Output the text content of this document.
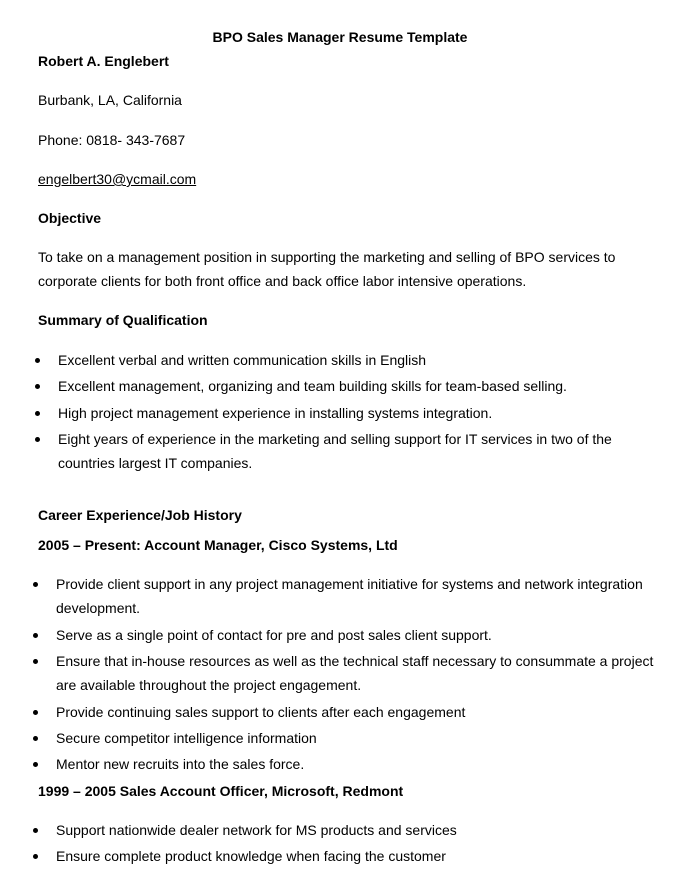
BPO Sales Manager Resume Template
Robert A. Englebert
Burbank, LA, California
Phone: 0818- 343-7687
engelbert30@ycmail.com
Objective
To take on a management position in supporting the marketing and selling of BPO services to
corporate clients for both front office and back office labor intensive operations.
Summary of Qualification
Excellent verbal and written communication skills in English
Excellent management, organizing and team building skills for team-based selling.
High project management experience in installing systems integration.
Eight years of experience in the marketing and selling support for IT services in two of the
countries largest IT companies.
Career Experience/Job History
2005 – Present: Account Manager, Cisco Systems, Ltd
Provide client support in any project management initiative for systems and network integration
development.
Serve as a single point of contact for pre and post sales client support.
Ensure that in-house resources as well as the technical staff necessary to consummate a project
are available throughout the project engagement.
Provide continuing sales support to clients after each engagement
Secure competitor intelligence information
Mentor new recruits into the sales force.
1999 – 2005 Sales Account Officer, Microsoft, Redmont
Support nationwide dealer network for MS products and services
Ensure complete product knowledge when facing the customer
